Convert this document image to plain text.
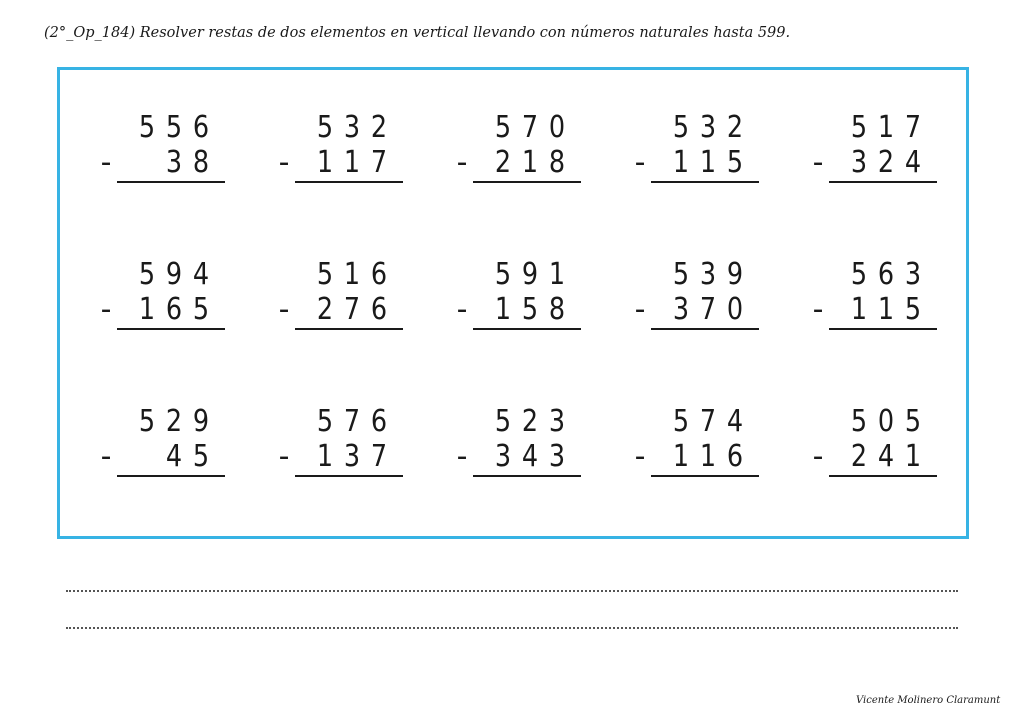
(2°_Op_184) Resolver restas de dos elementos en vertical llevando con números naturales hasta 599.
5 5 6
- 3 8
5 3 2
- 1 1 7
5 7 0
- 2 1 8
5 3 2
- 1 1 5
5 1 7
- 3 2 4
5 9 4
- 1 6 5
5 1 6
- 2 7 6
5 9 1
- 1 5 8
5 3 9
- 3 7 0
5 6 3
- 1 1 5
5 2 9
- 4 5
5 7 6
- 1 3 7
5 2 3
- 3 4 3
5 7 4
- 1 1 6
5 0 5
- 2 4 1
Vicente Molinero Claramunt
